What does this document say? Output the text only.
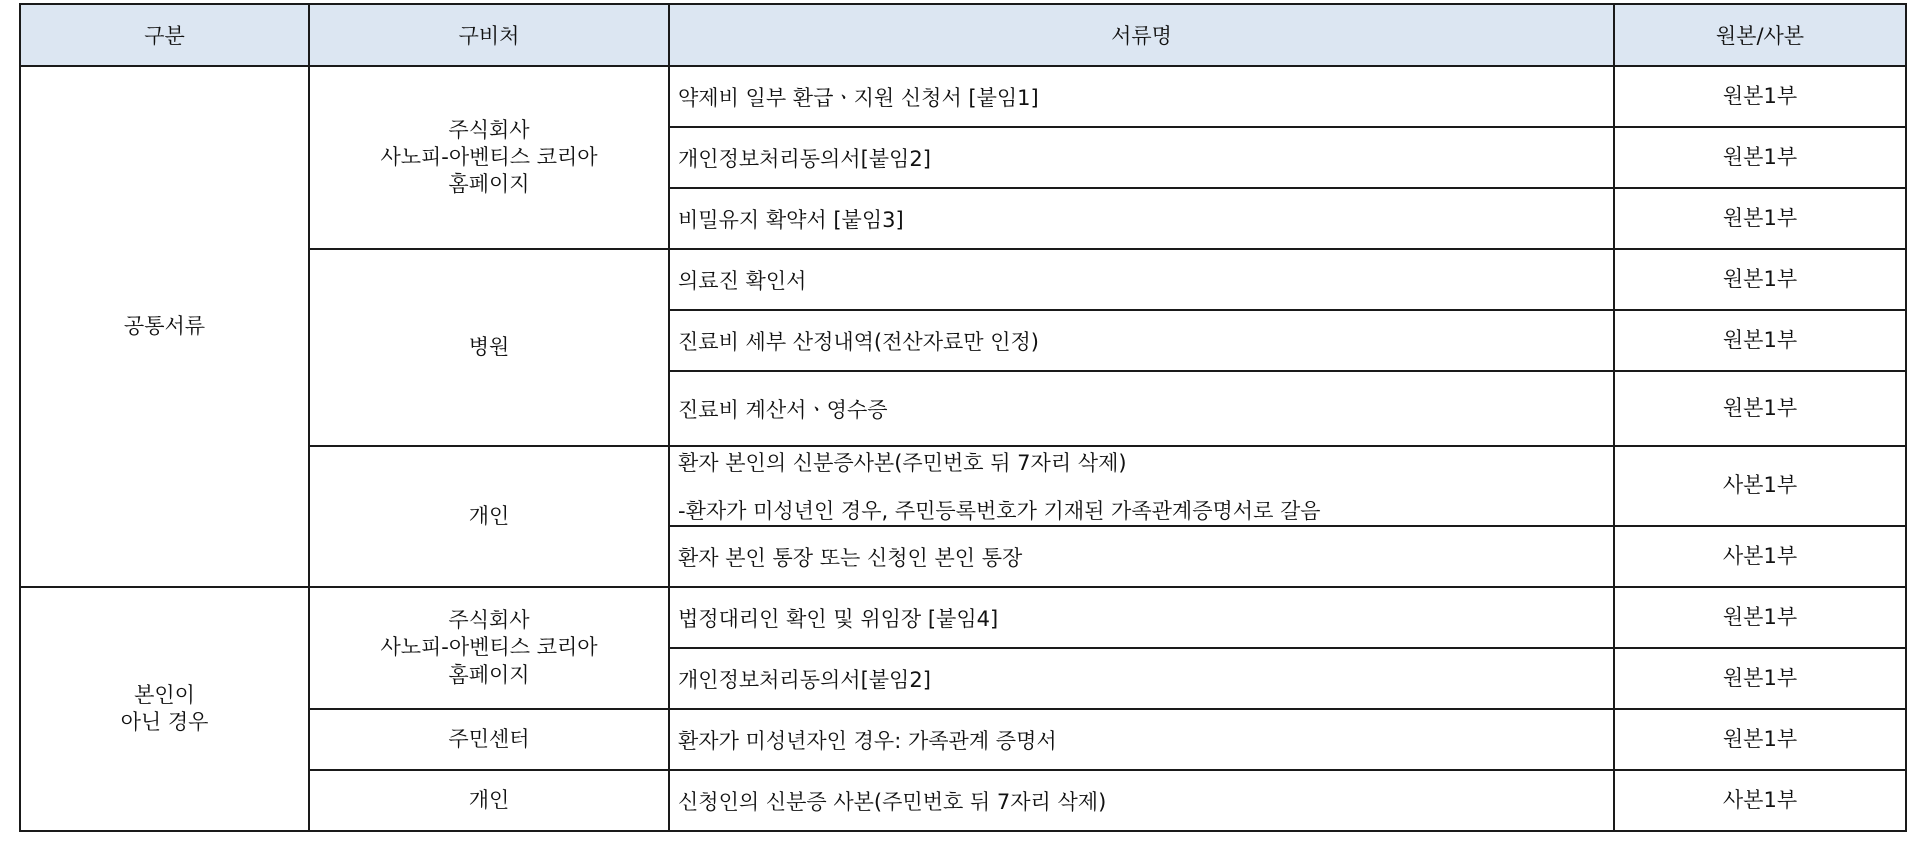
구분	구비처	서류명	원본/사본

공통서류	주식회사
사노피-아벤티스 코리아
홈페이지	약제비 일부 환급ㆍ지원 신청서 [붙임1]	원본1부

		개인정보처리동의서[붙임2]	원본1부

		비밀유지 확약서 [붙임3]	원본1부

	병원	의료진 확인서	원본1부

		진료비 세부 산정내역(전산자료만 인정)	원본1부

		진료비 계산서ㆍ영수증	원본1부

	개인	환자 본인의 신분증사본(주민번호 뒤 7자리 삭제)
-환자가 미성년인 경우, 주민등록번호가 기재된 가족관계증명서로 갈음	사본1부

		환자 본인 통장 또는 신청인 본인 통장	사본1부

본인이
아닌 경우	주식회사
사노피-아벤티스 코리아
홈페이지	법정대리인 확인 및 위임장 [붙임4]	원본1부

		개인정보처리동의서[붙임2]	원본1부

	주민센터	환자가 미성년자인 경우: 가족관계 증명서	원본1부

	개인	신청인의 신분증 사본(주민번호 뒤 7자리 삭제)	사본1부
